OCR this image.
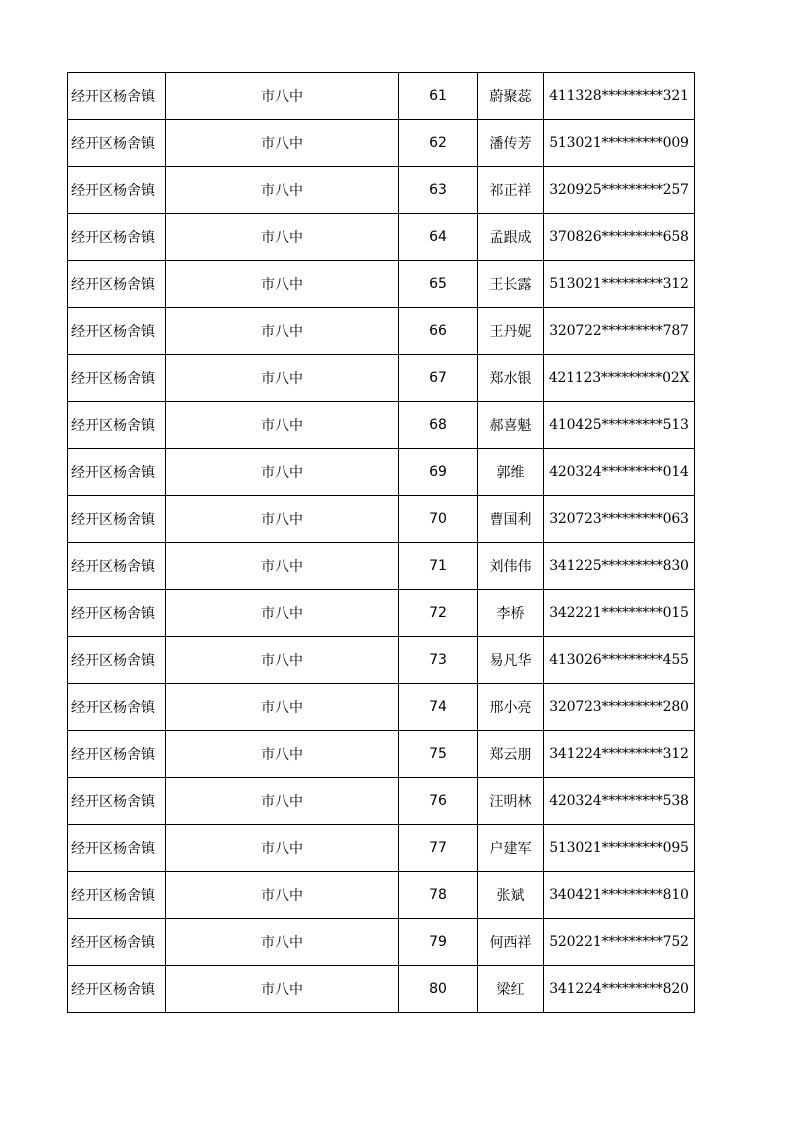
经开区杨舍镇	市八中	61	蔚聚蕊	411328*********321
经开区杨舍镇	市八中	62	潘传芳	513021*********009
经开区杨舍镇	市八中	63	祁正祥	320925*********257
经开区杨舍镇	市八中	64	孟跟成	370826*********658
经开区杨舍镇	市八中	65	王长露	513021*********312
经开区杨舍镇	市八中	66	王丹妮	320722*********787
经开区杨舍镇	市八中	67	郑水银	421123*********02X
经开区杨舍镇	市八中	68	郝喜魁	410425*********513
经开区杨舍镇	市八中	69	郭维	420324*********014
经开区杨舍镇	市八中	70	曹国利	320723*********063
经开区杨舍镇	市八中	71	刘伟伟	341225*********830
经开区杨舍镇	市八中	72	李桥	342221*********015
经开区杨舍镇	市八中	73	易凡华	413026*********455
经开区杨舍镇	市八中	74	邢小亮	320723*********280
经开区杨舍镇	市八中	75	郑云朋	341224*********312
经开区杨舍镇	市八中	76	汪明林	420324*********538
经开区杨舍镇	市八中	77	户建军	513021*********095
经开区杨舍镇	市八中	78	张斌	340421*********810
经开区杨舍镇	市八中	79	何西祥	520221*********752
经开区杨舍镇	市八中	80	梁红	341224*********820
